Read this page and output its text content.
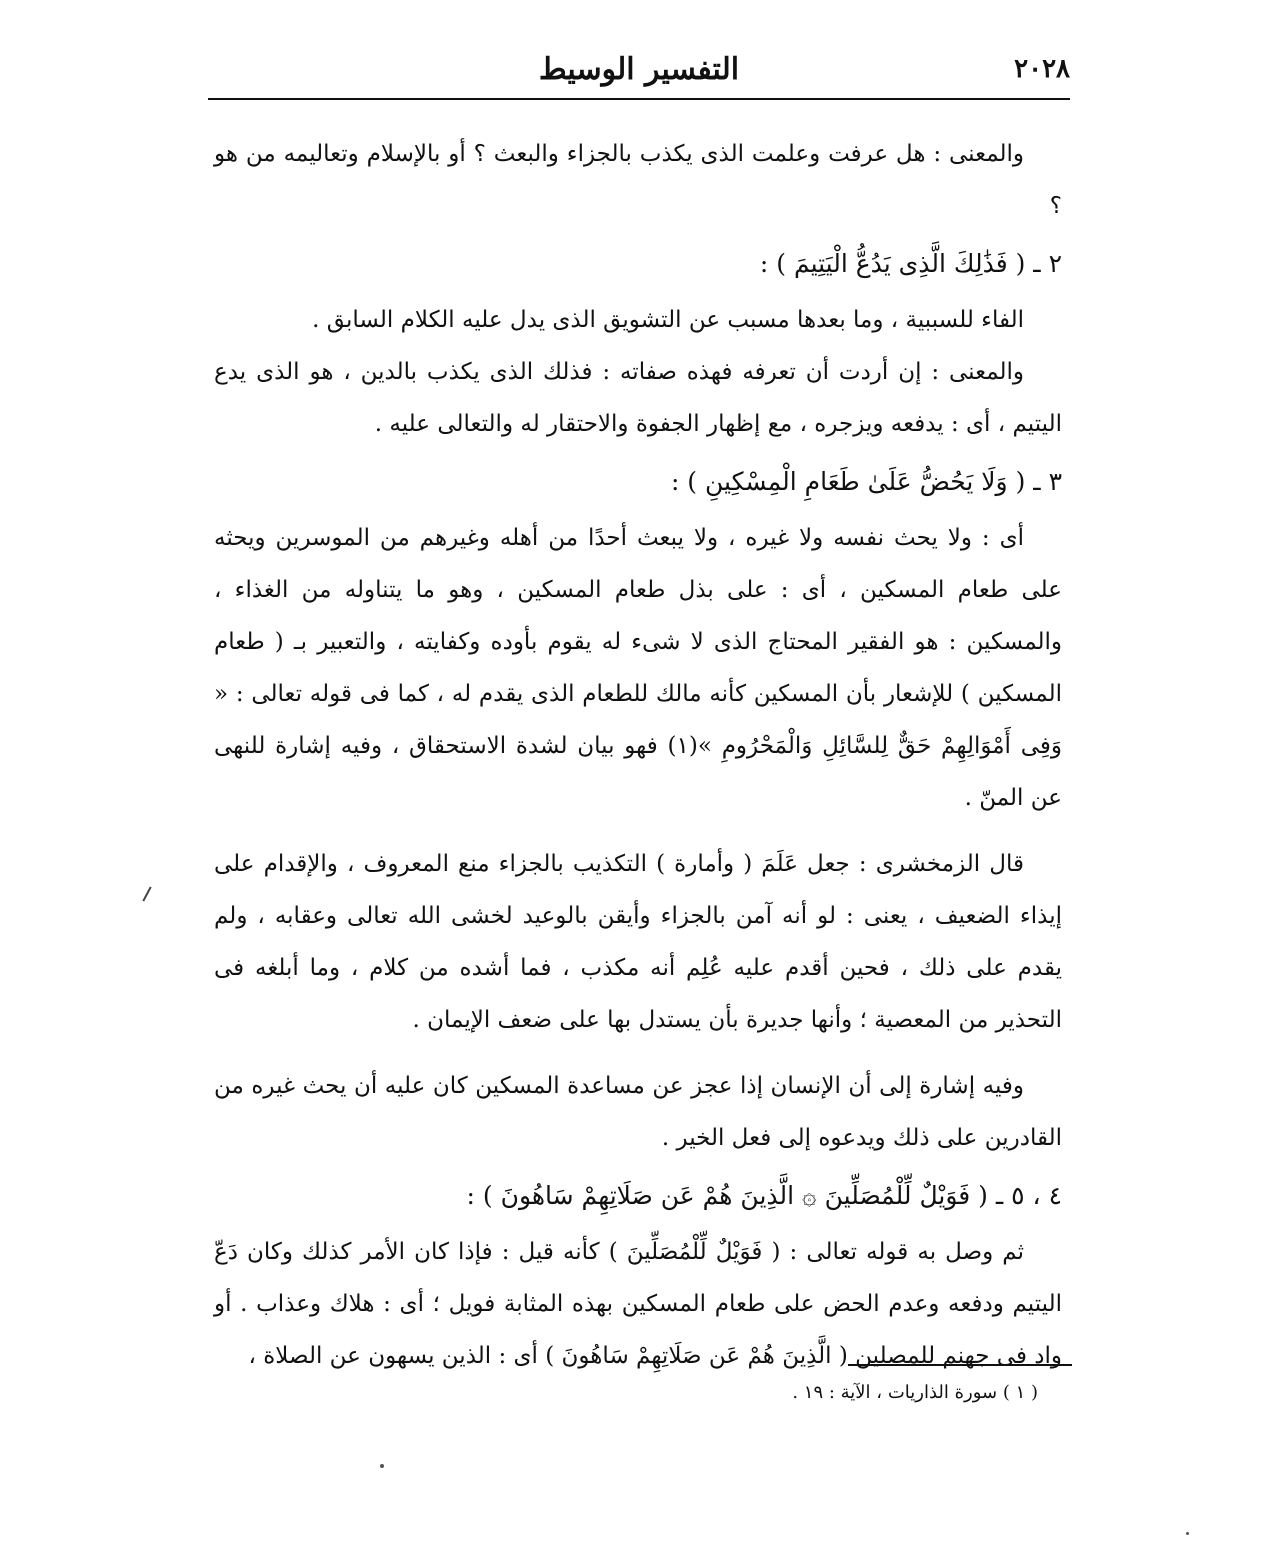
٢٠٢٨
التفسير الوسيط

والمعنى : هل عرفت وعلمت الذى يكذب بالجزاء والبعث ؟ أو بالإسلام وتعاليمه من هو ؟

٢ ـ ( فَذَٰلِكَ الَّذِى يَدُعُّ الْيَتِيمَ ) :

الفاء للسببية ، وما بعدها مسبب عن التشويق الذى يدل عليه الكلام السابق .

والمعنى : إن أردت أن تعرفه فهذه صفاته : فذلك الذى يكذب بالدين ، هو الذى يدع اليتيم ، أى : يدفعه ويزجره ، مع إظهار الجفوة والاحتقار له والتعالى عليه .

٣ ـ ( وَلَا يَحُضُّ عَلَىٰ طَعَامِ الْمِسْكِينِ ) :

أى : ولا يحث نفسه ولا غيره ، ولا يبعث أحدًا من أهله وغيرهم من الموسرين ويحثه على طعام المسكين ، أى : على بذل طعام المسكين ، وهو ما يتناوله من الغذاء ، والمسكين : هو الفقير المحتاج الذى لا شىء له يقوم بأوده وكفايته ، والتعبير بـ ( طعام المسكين ) للإشعار بأن المسكين كأنه مالك للطعام الذى يقدم له ، كما فى قوله تعالى : « وَفِى أَمْوَالِهِمْ حَقٌّ لِلسَّائِلِ وَالْمَحْرُومِ »(١) فهو بيان لشدة الاستحقاق ، وفيه إشارة للنهى عن المنّ .

قال الزمخشرى : جعل عَلَمَ ( وأمارة ) التكذيب بالجزاء منع المعروف ، والإقدام على إيذاء الضعيف ، يعنى : لو أنه آمن بالجزاء وأيقن بالوعيد لخشى الله تعالى وعقابه ، ولم يقدم على ذلك ، فحين أقدم عليه عُلِم أنه مكذب ، فما أشده من كلام ، وما أبلغه فى التحذير من المعصية ؛ وأنها جديرة بأن يستدل بها على ضعف الإيمان .

وفيه إشارة إلى أن الإنسان إذا عجز عن مساعدة المسكين كان عليه أن يحث غيره من القادرين على ذلك ويدعوه إلى فعل الخير .

٤ ، ٥ ـ ( فَوَيْلٌ لِّلْمُصَلِّينَ ۞ الَّذِينَ هُمْ عَن صَلَاتِهِمْ سَاهُونَ ) :

ثم وصل به قوله تعالى : ( فَوَيْلٌ لِّلْمُصَلِّينَ ) كأنه قيل : فإذا كان الأمر كذلك وكان دَعّ اليتيم ودفعه وعدم الحض على طعام المسكين بهذه المثابة فويل ؛ أى : هلاك وعذاب . أو واد فى جهنم للمصلين ( الَّذِينَ هُمْ عَن صَلَاتِهِمْ سَاهُونَ ) أى : الذين يسهون عن الصلاة ،

( ١ ) سورة الذاريات ، الآية : ١٩ .
